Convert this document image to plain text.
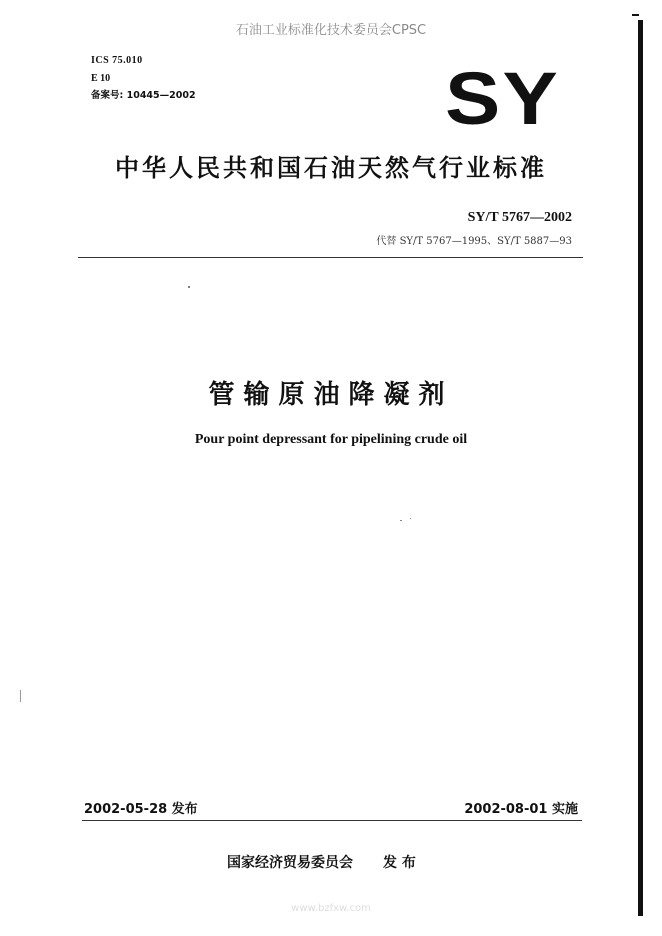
石油工业标准化技术委员会CPSC
ICS 75.010
E 10
备案号: 10445—2002	SY
中华人民共和国石油天然气行业标准
SY/T 5767—2002
代替 SY/T 5767—1995、SY/T 5887—93
管输原油降凝剂
Pour point depressant for pipelining crude oil
2002-05-28 发布	2002-08-01 实施
国家经济贸易委员会 发 布
www.bzfxw.com
